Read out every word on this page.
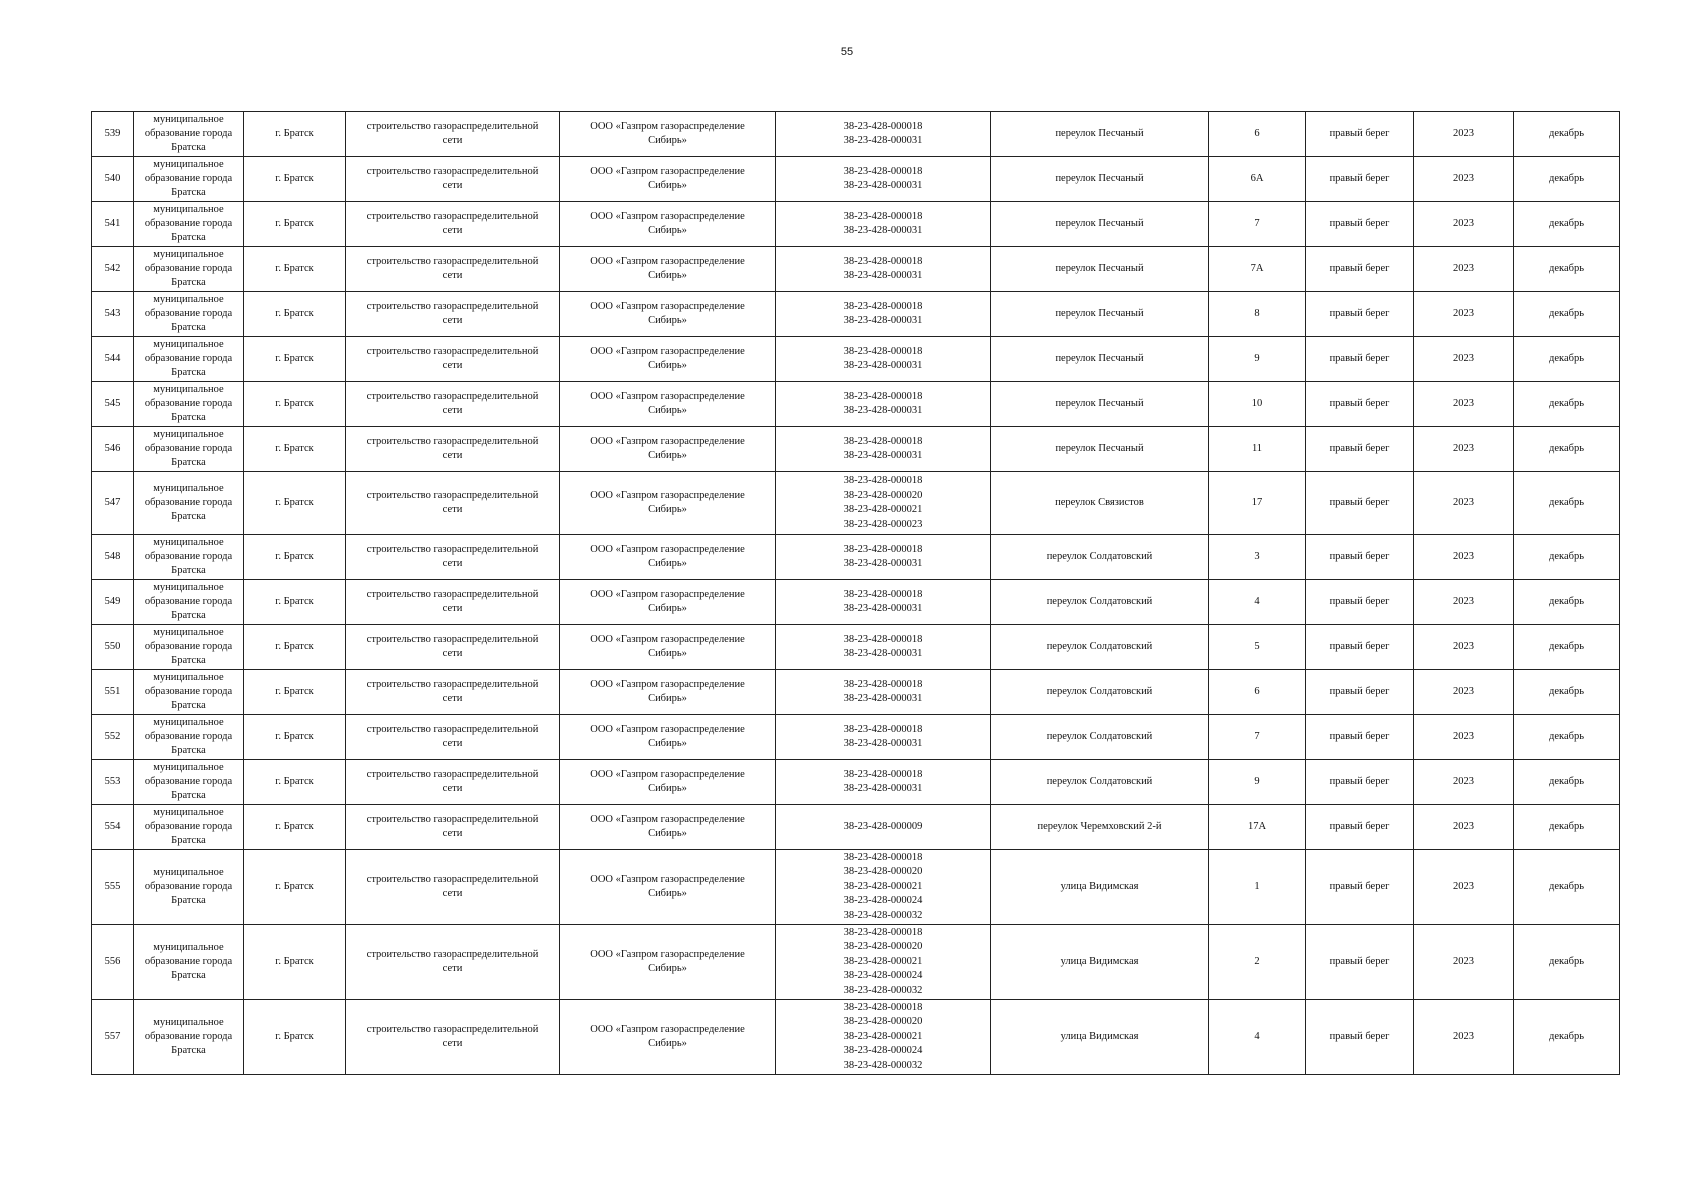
55
539	муниципальное
образование города
Братска	г. Братск	строительство газораспределительной
сети	ООО «Газпром газораспределение
Сибирь»	38-23-428-000018
38-23-428-000031	переулок Песчаный	6	правый берег	2023	декабрь
540	муниципальное
образование города
Братска	г. Братск	строительство газораспределительной
сети	ООО «Газпром газораспределение
Сибирь»	38-23-428-000018
38-23-428-000031	переулок Песчаный	6А	правый берег	2023	декабрь
541	муниципальное
образование города
Братска	г. Братск	строительство газораспределительной
сети	ООО «Газпром газораспределение
Сибирь»	38-23-428-000018
38-23-428-000031	переулок Песчаный	7	правый берег	2023	декабрь
542	муниципальное
образование города
Братска	г. Братск	строительство газораспределительной
сети	ООО «Газпром газораспределение
Сибирь»	38-23-428-000018
38-23-428-000031	переулок Песчаный	7А	правый берег	2023	декабрь
543	муниципальное
образование города
Братска	г. Братск	строительство газораспределительной
сети	ООО «Газпром газораспределение
Сибирь»	38-23-428-000018
38-23-428-000031	переулок Песчаный	8	правый берег	2023	декабрь
544	муниципальное
образование города
Братска	г. Братск	строительство газораспределительной
сети	ООО «Газпром газораспределение
Сибирь»	38-23-428-000018
38-23-428-000031	переулок Песчаный	9	правый берег	2023	декабрь
545	муниципальное
образование города
Братска	г. Братск	строительство газораспределительной
сети	ООО «Газпром газораспределение
Сибирь»	38-23-428-000018
38-23-428-000031	переулок Песчаный	10	правый берег	2023	декабрь
546	муниципальное
образование города
Братска	г. Братск	строительство газораспределительной
сети	ООО «Газпром газораспределение
Сибирь»	38-23-428-000018
38-23-428-000031	переулок Песчаный	11	правый берег	2023	декабрь
547	муниципальное
образование города
Братска	г. Братск	строительство газораспределительной
сети	ООО «Газпром газораспределение
Сибирь»	38-23-428-000018
38-23-428-000020
38-23-428-000021
38-23-428-000023	переулок Связистов	17	правый берег	2023	декабрь
548	муниципальное
образование города
Братска	г. Братск	строительство газораспределительной
сети	ООО «Газпром газораспределение
Сибирь»	38-23-428-000018
38-23-428-000031	переулок Солдатовский	3	правый берег	2023	декабрь
549	муниципальное
образование города
Братска	г. Братск	строительство газораспределительной
сети	ООО «Газпром газораспределение
Сибирь»	38-23-428-000018
38-23-428-000031	переулок Солдатовский	4	правый берег	2023	декабрь
550	муниципальное
образование города
Братска	г. Братск	строительство газораспределительной
сети	ООО «Газпром газораспределение
Сибирь»	38-23-428-000018
38-23-428-000031	переулок Солдатовский	5	правый берег	2023	декабрь
551	муниципальное
образование города
Братска	г. Братск	строительство газораспределительной
сети	ООО «Газпром газораспределение
Сибирь»	38-23-428-000018
38-23-428-000031	переулок Солдатовский	6	правый берег	2023	декабрь
552	муниципальное
образование города
Братска	г. Братск	строительство газораспределительной
сети	ООО «Газпром газораспределение
Сибирь»	38-23-428-000018
38-23-428-000031	переулок Солдатовский	7	правый берег	2023	декабрь
553	муниципальное
образование города
Братска	г. Братск	строительство газораспределительной
сети	ООО «Газпром газораспределение
Сибирь»	38-23-428-000018
38-23-428-000031	переулок Солдатовский	9	правый берег	2023	декабрь
554	муниципальное
образование города
Братска	г. Братск	строительство газораспределительной
сети	ООО «Газпром газораспределение
Сибирь»	38-23-428-000009	переулок Черемховский 2-й	17А	правый берег	2023	декабрь
555	муниципальное
образование города
Братска	г. Братск	строительство газораспределительной
сети	ООО «Газпром газораспределение
Сибирь»	38-23-428-000018
38-23-428-000020
38-23-428-000021
38-23-428-000024
38-23-428-000032	улица Видимская	1	правый берег	2023	декабрь
556	муниципальное
образование города
Братска	г. Братск	строительство газораспределительной
сети	ООО «Газпром газораспределение
Сибирь»	38-23-428-000018
38-23-428-000020
38-23-428-000021
38-23-428-000024
38-23-428-000032	улица Видимская	2	правый берег	2023	декабрь
557	муниципальное
образование города
Братска	г. Братск	строительство газораспределительной
сети	ООО «Газпром газораспределение
Сибирь»	38-23-428-000018
38-23-428-000020
38-23-428-000021
38-23-428-000024
38-23-428-000032	улица Видимская	4	правый берег	2023	декабрь
